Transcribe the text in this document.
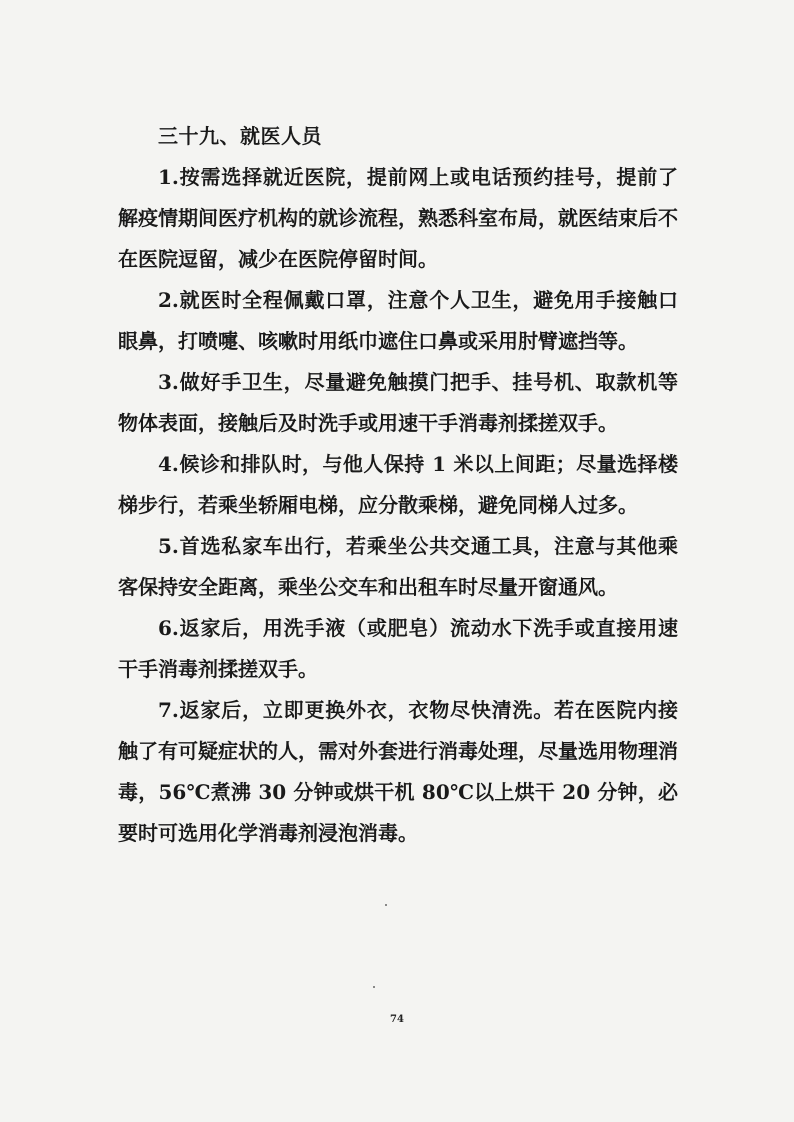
三十九、就医人员

1.按需选择就近医院，提前网上或电话预约挂号，提前了解疫情期间医疗机构的就诊流程，熟悉科室布局，就医结束后不在医院逗留，减少在医院停留时间。

2.就医时全程佩戴口罩，注意个人卫生，避免用手接触口眼鼻，打喷嚏、咳嗽时用纸巾遮住口鼻或采用肘臂遮挡等。

3.做好手卫生，尽量避免触摸门把手、挂号机、取款机等物体表面，接触后及时洗手或用速干手消毒剂揉搓双手。

4.候诊和排队时，与他人保持 1 米以上间距；尽量选择楼梯步行，若乘坐轿厢电梯，应分散乘梯，避免同梯人过多。

5.首选私家车出行，若乘坐公共交通工具，注意与其他乘客保持安全距离，乘坐公交车和出租车时尽量开窗通风。

6.返家后，用洗手液（或肥皂）流动水下洗手或直接用速干手消毒剂揉搓双手。

7.返家后，立即更换外衣，衣物尽快清洗。若在医院内接触了有可疑症状的人，需对外套进行消毒处理，尽量选用物理消毒，56℃煮沸 30 分钟或烘干机 80℃以上烘干 20 分钟，必要时可选用化学消毒剂浸泡消毒。

74
